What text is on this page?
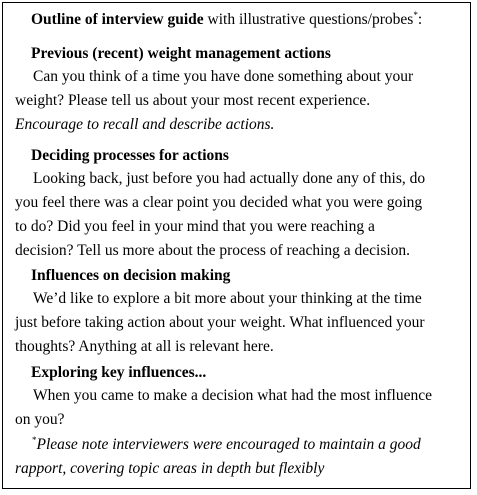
Outline of interview guide with illustrative questions/probes*:
Previous (recent) weight management actions

Can you think of a time you have done something about your
weight? Please tell us about your most recent experience.
Encourage to recall and describe actions.

Deciding processes for actions

Looking back, just before you had actually done any of this, do
you feel there was a clear point you decided what you were going
to do? Did you feel in your mind that you were reaching a
decision? Tell us more about the process of reaching a decision.

Influences on decision making

We’d like to explore a bit more about your thinking at the time
just before taking action about your weight. What influenced your
thoughts? Anything at all is relevant here.

Exploring key influences...

When you came to make a decision what had the most influence
on you?

*Please note interviewers were encouraged to maintain a good
rapport, covering topic areas in depth but flexibly
